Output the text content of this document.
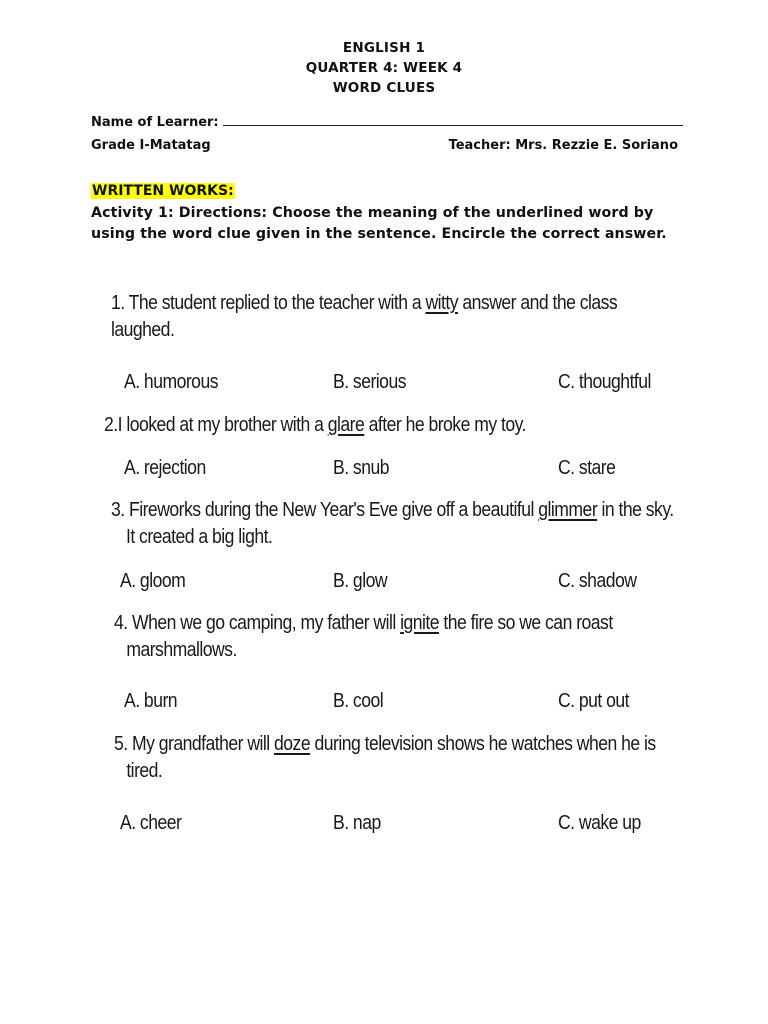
ENGLISH 1
QUARTER 4: WEEK 4
WORD CLUES
Name of Learner:
Grade I-Matatag	Teacher: Mrs. Rezzie E. Soriano
WRITTEN WORKS:
Activity 1: Directions: Choose the meaning of the underlined word by using the word clue given in the sentence. Encircle the correct answer.
1. The student replied to the teacher with a witty answer and the class
laughed.
A. humorous	B. serious	C. thoughtful
2.I looked at my brother with a glare after he broke my toy.
A. rejection	B. snub	C. stare
3. Fireworks during the New Year's Eve give off a beautiful glimmer in the sky.
It created a big light.
A. gloom	B. glow	C. shadow
4. When we go camping, my father will ignite the fire so we can roast
marshmallows.
A. burn	B. cool	C. put out
5. My grandfather will doze during television shows he watches when he is
tired.
A. cheer	B. nap	C. wake up
